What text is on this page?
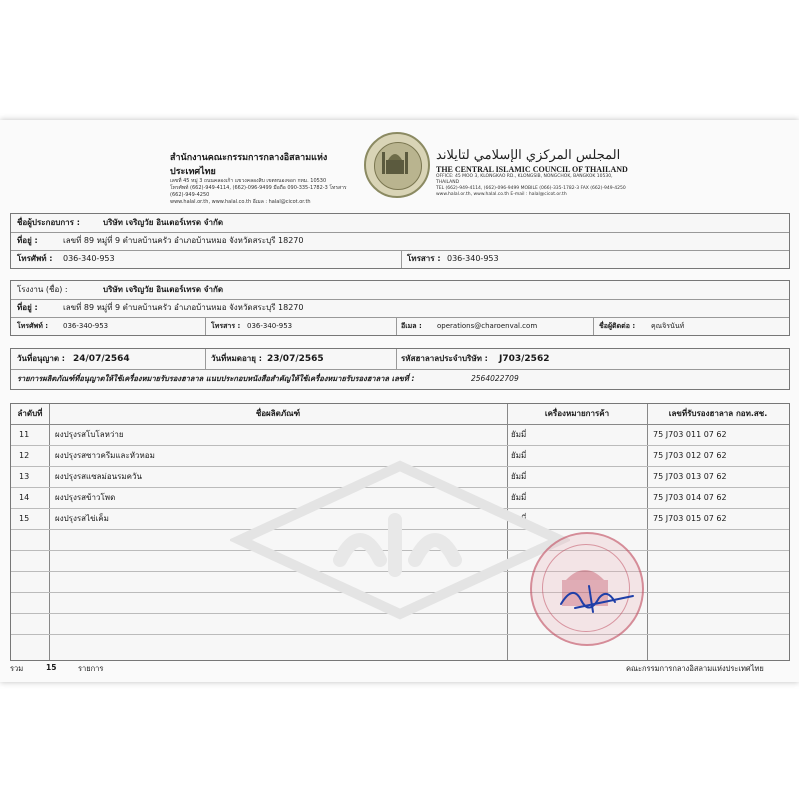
สำนักงานคณะกรรมการกลางอิสลามแห่งประเทศไทย
เลขที่ 45 หมู่ 3 ถนนคลองเก้า แขวงคลองสิบ เขตหนองจอก กทม. 10530
โทรศัพท์ (662)-949-4114, (662)-096-9499 มือถือ 090-335-1782-3 โทรสาร (662)-949-4250
www.halal.or.th, www.halal.co.th อีเมล : halal@cicot.or.th
المجلس المركزي الإسلامي لتايلاند
THE CENTRAL ISLAMIC COUNCIL OF THAILAND
OFFICE: 45 MOO 3, KLONGKAO RD., KLONGSIB, NONGCHOK, BANGKOK 10530, THAILAND
TEL (662)-949-4114, (662)-096-9499 MOBILE (066)-335-1782-3 FAX (662)-949-4250
www.halal.or.th, www.halal.co.th E-mail : halal@cicot.or.th
ชื่อผู้ประกอบการ :	บริษัท เจริญวัย อินเตอร์เทรด จำกัด
ที่อยู่ :	เลขที่ 89 หมู่ที่ 9 ตำบลบ้านครัว อำเภอบ้านหมอ จังหวัดสระบุรี 18270
โทรศัพท์ : 036-340-953	โทรสาร : 036-340-953
โรงงาน (ชื่อ) :	บริษัท เจริญวัย อินเตอร์เทรด จำกัด
ที่อยู่ :	เลขที่ 89 หมู่ที่ 9 ตำบลบ้านครัว อำเภอบ้านหมอ จังหวัดสระบุรี 18270
โทรศัพท์ : 036-340-953	โทรสาร : 036-340-953	อีเมล : operations@charoenval.com	ชื่อผู้ติดต่อ : คุณจิรนันท์
วันที่อนุญาต : 24/07/2564	วันที่หมดอายุ : 23/07/2565	รหัสฮาลาลประจำบริษัท : J703/2562
รายการผลิตภัณฑ์ที่อนุญาตให้ใช้เครื่องหมายรับรองฮาลาล แนบประกอบหนังสือสำคัญให้ใช้เครื่องหมายรับรองฮาลาล เลขที่ :	2564022709
ลำดับที่	ชื่อผลิตภัณฑ์	เครื่องหมายการค้า	เลขที่รับรองฮาลาล กอท.สช.
11	ผงปรุงรสโบโลหว่าย	ยัมมี่	75 J703 011 07 62
12	ผงปรุงรสซาวครีมและหัวหอม	ยัมมี่	75 J703 012 07 62
13	ผงปรุงรสแซลม่อนรมควัน	ยัมมี่	75 J703 013 07 62
14	ผงปรุงรสข้าวโพด	ยัมมี่	75 J703 014 07 62
15	ผงปรุงรสไข่เค็ม	ยัมมี่	75 J703 015 07 62
รวม	15	รายการ	คณะกรรมการกลางอิสลามแห่งประเทศไทย
